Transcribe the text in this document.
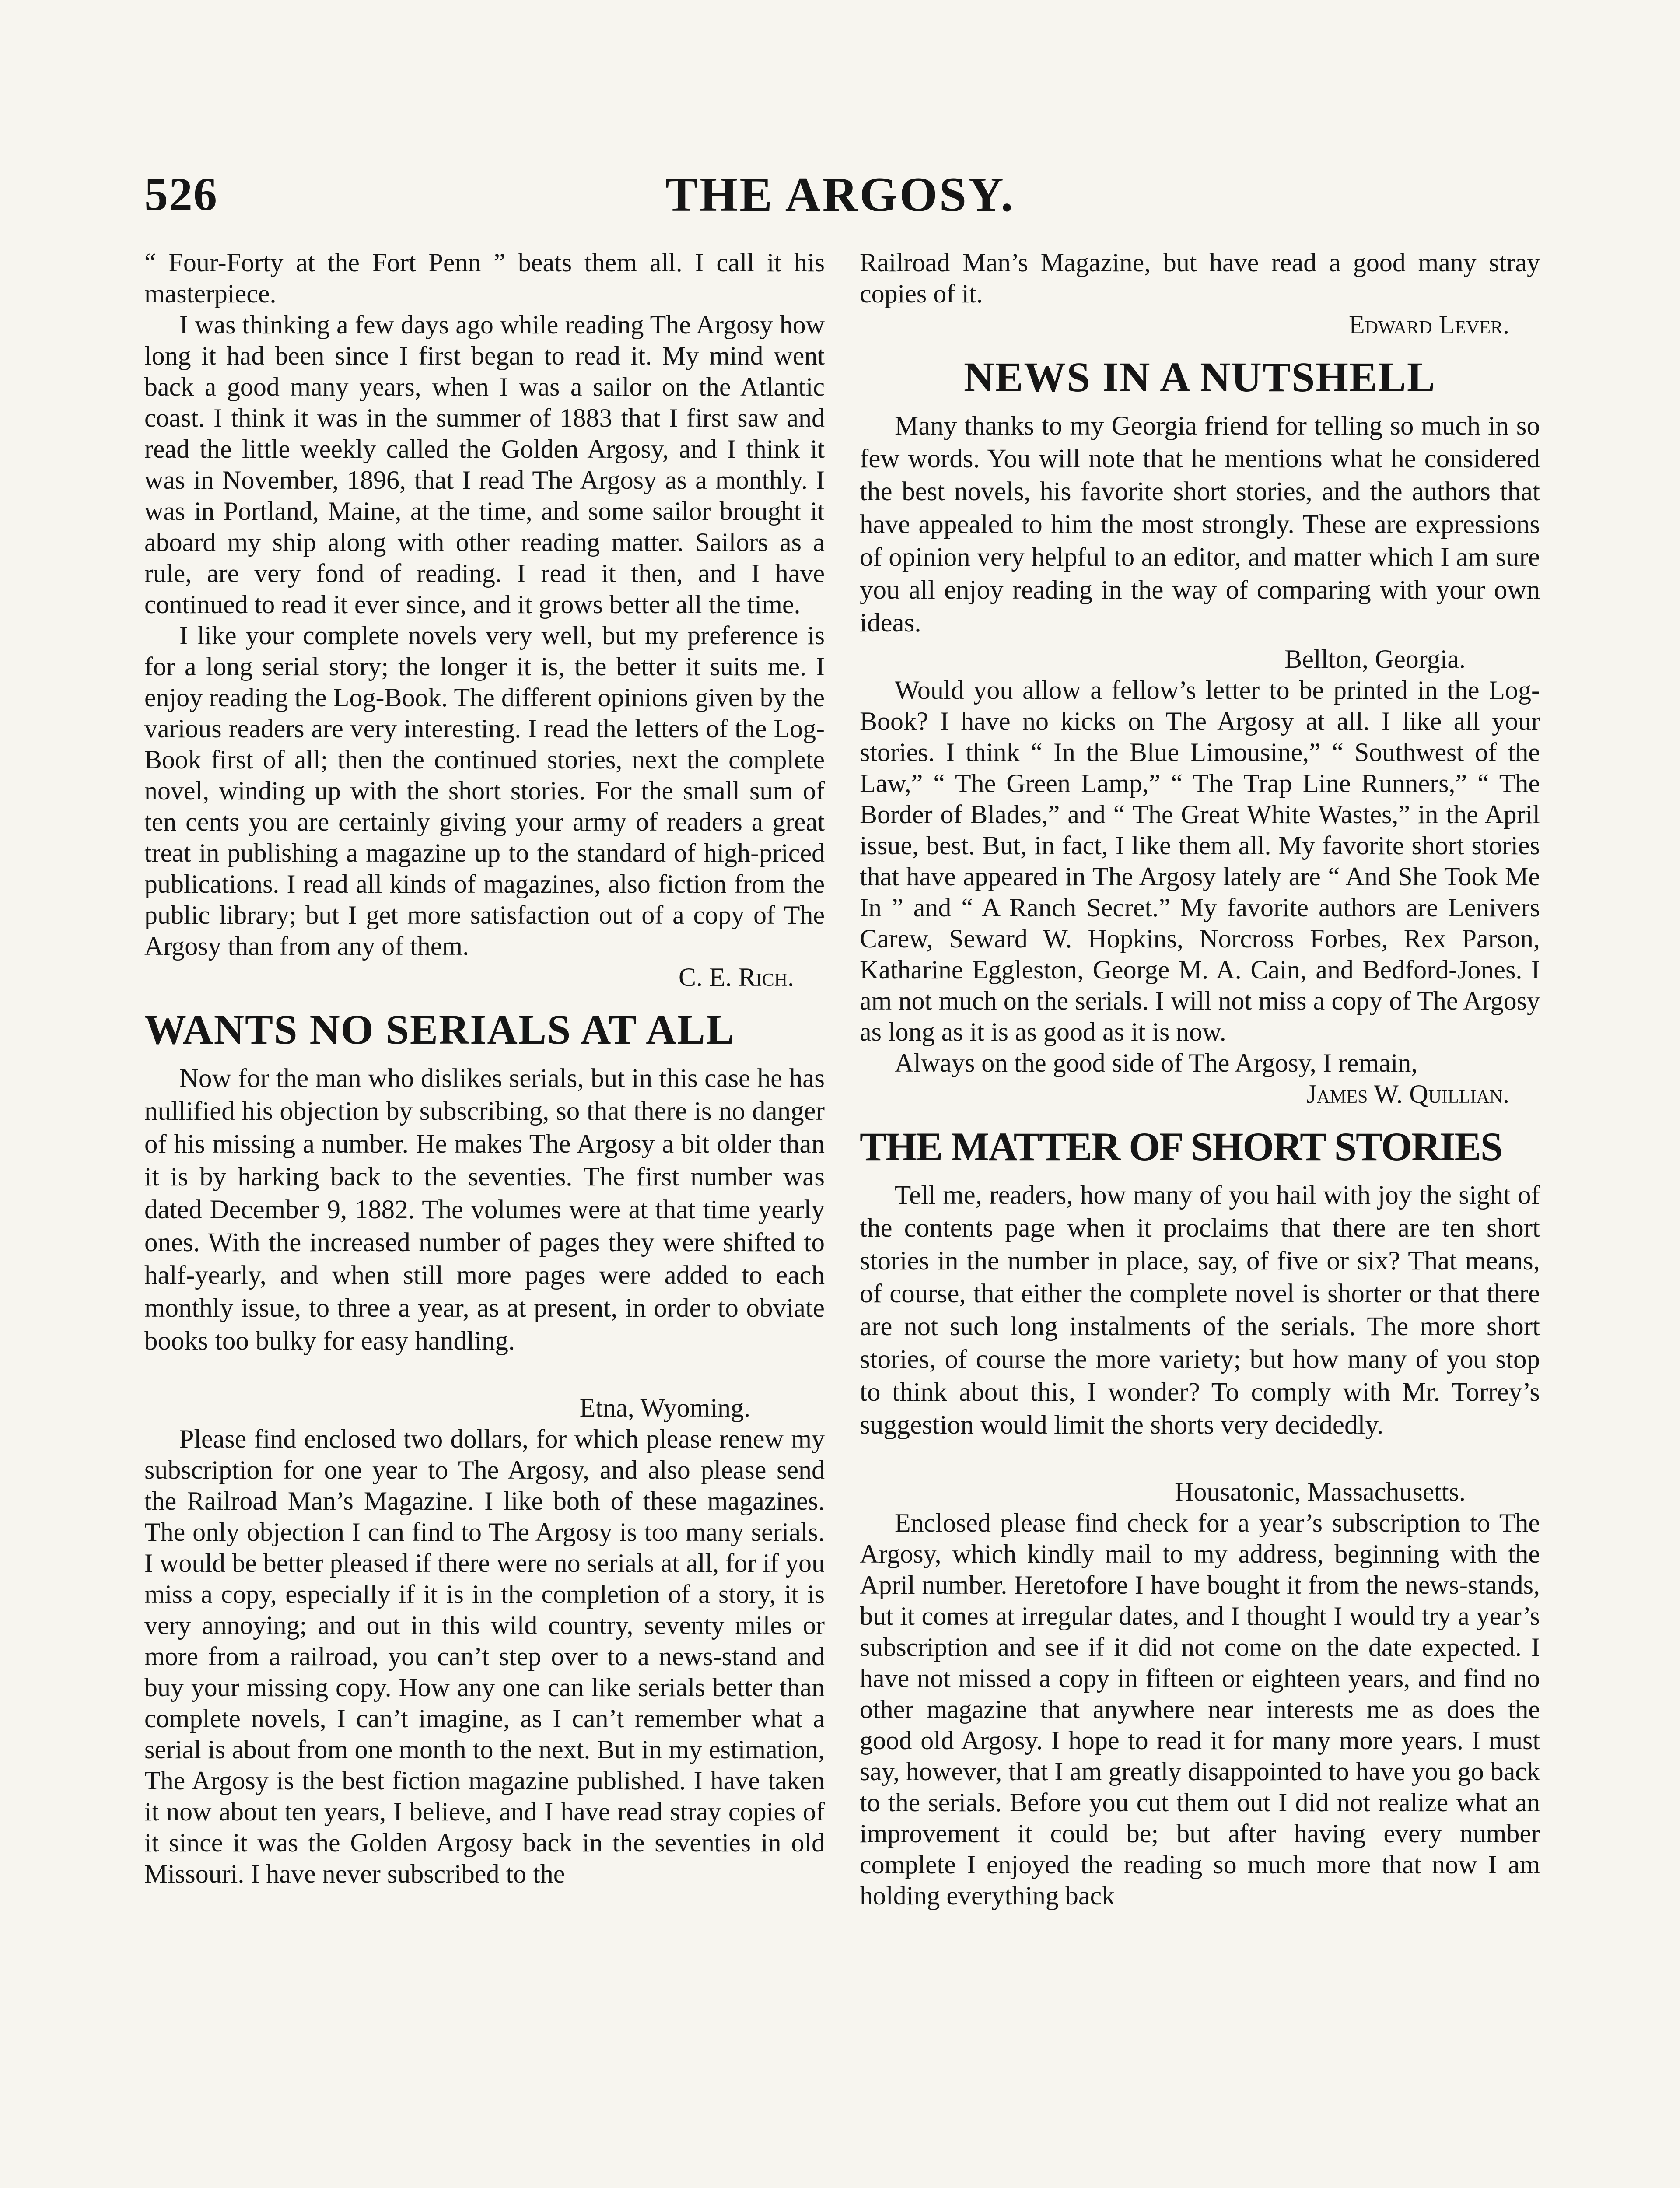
526	THE ARGOSY.

“ Four-Forty at the Fort Penn ” beats them all. I call it his masterpiece.

I was thinking a few days ago while reading The Argosy how long it had been since I first began to read it. My mind went back a good many years, when I was a sailor on the Atlantic coast. I think it was in the summer of 1883 that I first saw and read the little weekly called the Golden Argosy, and I think it was in November, 1896, that I read The Argosy as a monthly. I was in Portland, Maine, at the time, and some sailor brought it aboard my ship along with other reading matter. Sailors as a rule, are very fond of reading. I read it then, and I have continued to read it ever since, and it grows better all the time.

I like your complete novels very well, but my preference is for a long serial story; the longer it is, the better it suits me. I enjoy reading the Log-Book. The different opinions given by the various readers are very interesting. I read the letters of the Log-Book first of all; then the continued stories, next the complete novel, winding up with the short stories. For the small sum of ten cents you are certainly giving your army of readers a great treat in publishing a magazine up to the standard of high-priced publications. I read all kinds of magazines, also fiction from the public library; but I get more satisfaction out of a copy of The Argosy than from any of them.

C. E. Rich.
WANTS NO SERIALS AT ALL

Now for the man who dislikes serials, but in this case he has nullified his objection by subscribing, so that there is no danger of his missing a number. He makes The Argosy a bit older than it is by harking back to the seventies. The first number was dated December 9, 1882. The volumes were at that time yearly ones. With the increased number of pages they were shifted to half-yearly, and when still more pages were added to each monthly issue, to three a year, as at present, in order to obviate books too bulky for easy handling.

Etna, Wyoming.

Please find enclosed two dollars, for which please renew my subscription for one year to The Argosy, and also please send the Railroad Man’s Magazine. I like both of these magazines. The only objection I can find to The Argosy is too many serials. I would be better pleased if there were no serials at all, for if you miss a copy, especially if it is in the completion of a story, it is very annoying; and out in this wild country, seventy miles or more from a railroad, you can’t step over to a news-stand and buy your missing copy. How any one can like serials better than complete novels, I can’t imagine, as I can’t remember what a serial is about from one month to the next. But in my estimation, The Argosy is the best fiction magazine published. I have taken it now about ten years, I believe, and I have read stray copies of it since it was the Golden Argosy back in the seventies in old Missouri. I have never subscribed to the

Railroad Man’s Magazine, but have read a good many stray copies of it.

Edward Lever.
NEWS IN A NUTSHELL

Many thanks to my Georgia friend for telling so much in so few words. You will note that he mentions what he considered the best novels, his favorite short stories, and the authors that have appealed to him the most strongly. These are expressions of opinion very helpful to an editor, and matter which I am sure you all enjoy reading in the way of comparing with your own ideas.

Bellton, Georgia.

Would you allow a fellow’s letter to be printed in the Log-Book? I have no kicks on The Argosy at all. I like all your stories. I think “ In the Blue Limousine,” “ Southwest of the Law,” “ The Green Lamp,” “ The Trap Line Runners,” “ The Border of Blades,” and “ The Great White Wastes,” in the April issue, best. But, in fact, I like them all. My favorite short stories that have appeared in The Argosy lately are “ And She Took Me In ” and “ A Ranch Secret.” My favorite authors are Lenivers Carew, Seward W. Hopkins, Norcross Forbes, Rex Parson, Katharine Eggleston, George M. A. Cain, and Bedford-Jones. I am not much on the serials. I will not miss a copy of The Argosy as long as it is as good as it is now.

Always on the good side of The Argosy, I remain,

James W. Quillian.
THE MATTER OF SHORT STORIES

Tell me, readers, how many of you hail with joy the sight of the contents page when it proclaims that there are ten short stories in the number in place, say, of five or six? That means, of course, that either the complete novel is shorter or that there are not such long instalments of the serials. The more short stories, of course the more variety; but how many of you stop to think about this, I wonder? To comply with Mr. Torrey’s suggestion would limit the shorts very decidedly.

Housatonic, Massachusetts.

Enclosed please find check for a year’s subscription to The Argosy, which kindly mail to my address, beginning with the April number. Heretofore I have bought it from the news-stands, but it comes at irregular dates, and I thought I would try a year’s subscription and see if it did not come on the date expected. I have not missed a copy in fifteen or eighteen years, and find no other magazine that anywhere near interests me as does the good old Argosy. I hope to read it for many more years. I must say, however, that I am greatly disappointed to have you go back to the serials. Before you cut them out I did not realize what an improvement it could be; but after having every number complete I enjoyed the reading so much more that now I am holding everything back
